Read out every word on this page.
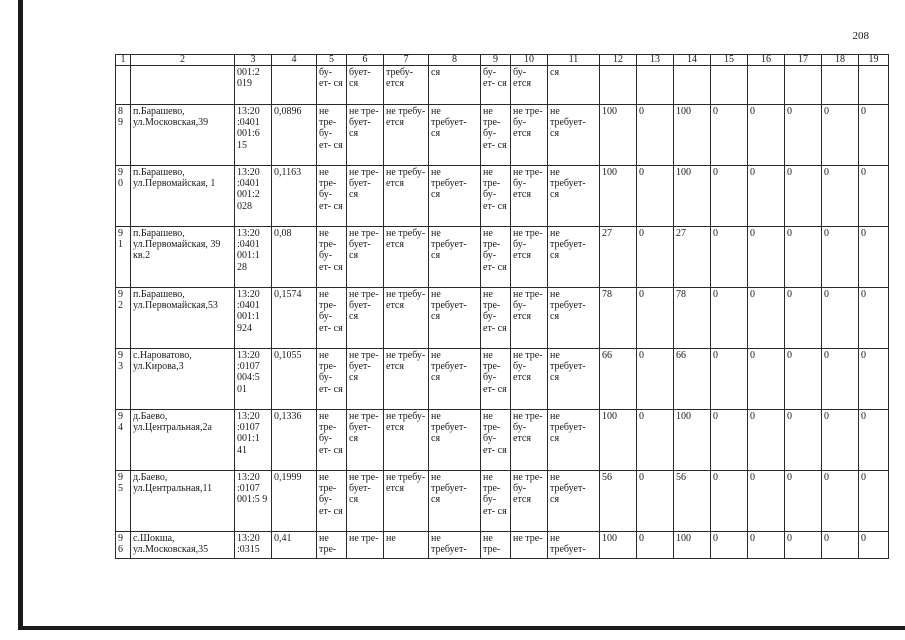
208
1	2	3	4	5	6	7	8	9	10	11	12	13	14	15	16	17	18	19
		001:2 019		бу- ет- ся	бует- ся	требу- ется	ся	бу- ет- ся	бу- ется	ся								
8 9	п.Барашево, ул.Московская,39	13:20 :0401 001:6 15	0,0896	не тре- бу- ет- ся	не тре- бует- ся	не требу- ется	не требует- ся	не тре- бу- ет- ся	не тре- бу- ется	не требует- ся	100	0	100	0	0	0	0	0
9 0	п.Барашево, ул.Первомайская, 1	13:20 :0401 001:2 028	0,1163	не тре- бу- ет- ся	не тре- бует- ся	не требу- ется	не требует- ся	не тре- бу- ет- ся	не тре- бу- ется	не требует- ся	100	0	100	0	0	0	0	0
9 1	п.Барашево, ул.Первомайская, 39 кв.2	13:20 :0401 001:1 28	0,08	не тре- бу- ет- ся	не тре- бует- ся	не требу- ется	не требует- ся	не тре- бу- ет- ся	не тре- бу- ется	не требует- ся	27	0	27	0	0	0	0	0
9 2	п.Барашево, ул.Первомайская,53	13:20 :0401 001:1 924	0,1574	не тре- бу- ет- ся	не тре- бует- ся	не требу- ется	не требует- ся	не тре- бу- ет- ся	не тре- бу- ется	не требует- ся	78	0	78	0	0	0	0	0
9 3	с.Нароватово, ул.Кирова,3	13:20 :0107 004:5 01	0,1055	не тре- бу- ет- ся	не тре- бует- ся	не требу- ется	не требует- ся	не тре- бу- ет- ся	не тре- бу- ется	не требует- ся	66	0	66	0	0	0	0	0
9 4	д.Баево, ул.Центральная,2а	13:20 :0107 001:1 41	0,1336	не тре- бу- ет- ся	не тре- бует- ся	не требу- ется	не требует- ся	не тре- бу- ет- ся	не тре- бу- ется	не требует- ся	100	0	100	0	0	0	0	0
9 5	д.Баево, ул.Центральная,11	13:20 :0107 001:5 9	0,1999	не тре- бу- ет- ся	не тре- бует- ся	не требу- ется	не требует- ся	не тре- бу- ет- ся	не тре- бу- ется	не требует- ся	56	0	56	0	0	0	0	0
9 6	с.Шокша, ул.Московская,35	13:20 :0315	0,41	не тре-	не тре-	не	не требует-	не тре-	не тре-	не требует-	100	0	100	0	0	0	0	0
